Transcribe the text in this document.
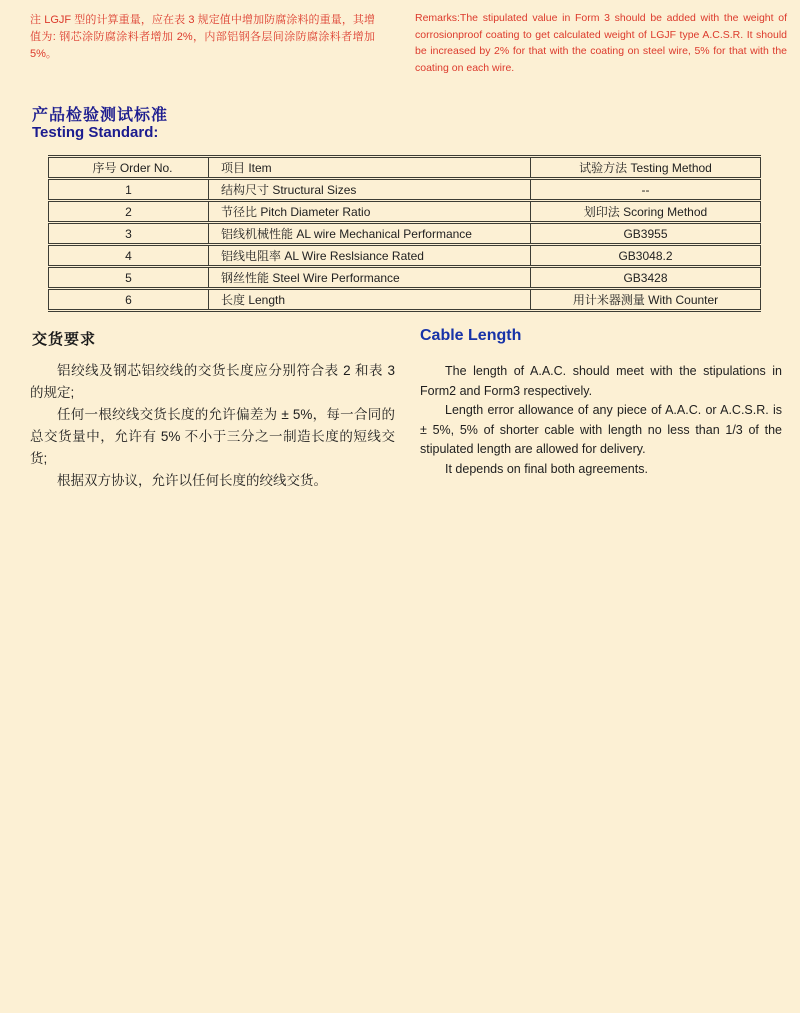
注 LGJF 型的计算重量，应在表 3 规定值中增加防腐涂料的重量，其增值为: 钢芯涂防腐涂料者增加 2%，内部铝钢各层间涂防腐涂料者增加 5%。
Remarks:The stipulated value in Form 3 should be added with the weight of corrosionproof coating to get calculated weight of LGJF type A.C.S.R. It should be increased by 2% for that with the coating on steel wire, 5% for that with the coating on each wire.
产品检验测试标准
Testing Standard:
序号 Order No.	项目 Item	试验方法 Testing Method
1	结构尺寸 Structural Sizes	--
2	节径比 Pitch Diameter Ratio	划印法 Scoring Method
3	铝线机械性能 AL wire Mechanical Performance	GB3955
4	铝线电阻率 AL Wire Reslsiance Rated	GB3048.2
5	钢丝性能 Steel Wire Performance	GB3428
6	长度 Length	用计米器测量 With Counter
交货要求

铝绞线及钢芯铝绞线的交货长度应分别符合表 2 和表 3 的规定;

任何一根绞线交货长度的允许偏差为 ± 5%，每一合同的总交货量中，允许有 5% 不小于三分之一制造长度的短线交货;

根据双方协议，允许以任何长度的绞线交货。

Cable Length

The length of A.A.C. should meet with the stipulations in Form2 and Form3 respectively.

Length error allowance of any piece of A.A.C. or A.C.S.R. is ± 5%, 5% of shorter cable with length no less than 1/3 of the stipulated length are allowed for delivery.

It depends on final both agreements.
